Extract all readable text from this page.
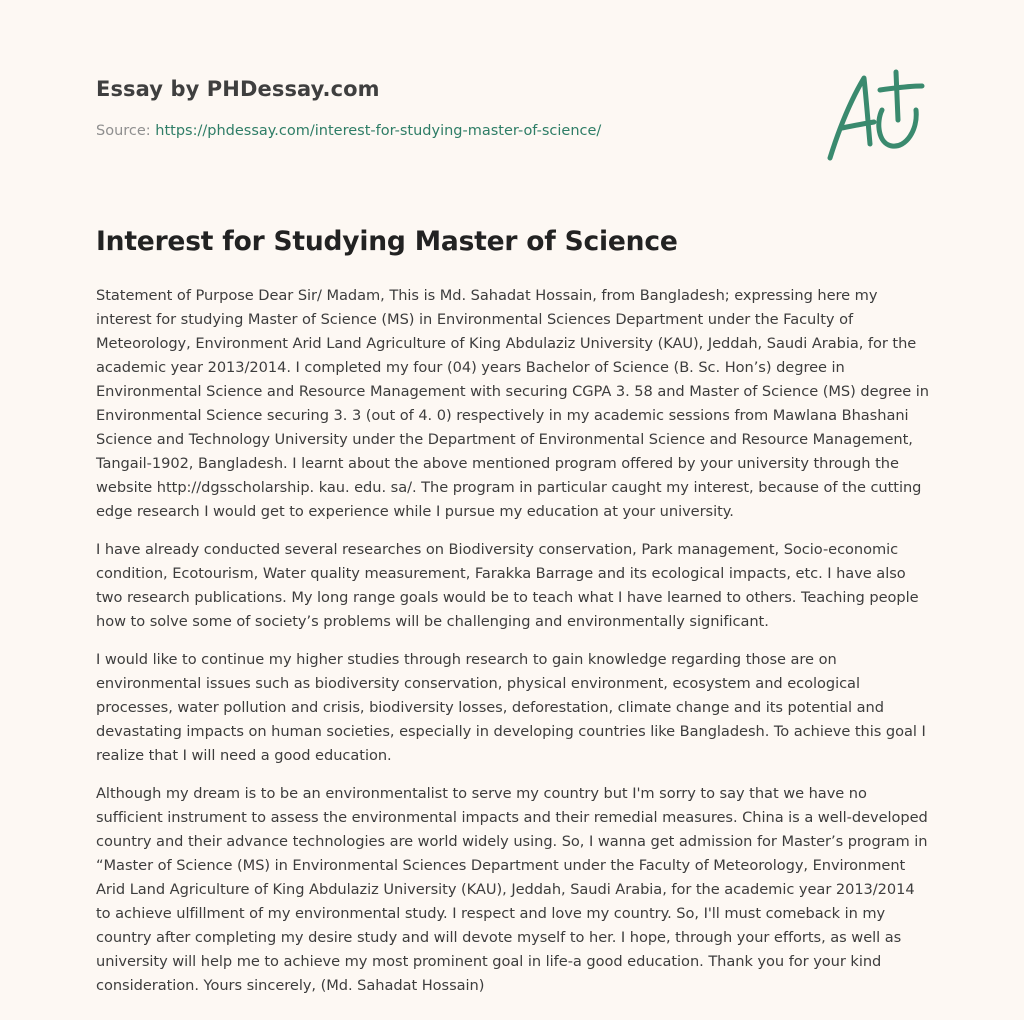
Essay by PHDessay.com
Source: https://phdessay.com/interest-for-studying-master-of-science/
Interest for Studying Master of Science

Statement of Purpose Dear Sir/ Madam, This is Md. Sahadat Hossain, from Bangladesh; expressing here my interest for studying Master of Science (MS) in Environmental Sciences Department under the Faculty of Meteorology, Environment Arid Land Agriculture of King Abdulaziz University (KAU), Jeddah, Saudi Arabia, for the academic year 2013/2014. I completed my four (04) years Bachelor of Science (B. Sc. Hon’s) degree in Environmental Science and Resource Management with securing CGPA 3. 58 and Master of Science (MS) degree in Environmental Science securing 3. 3 (out of 4. 0) respectively in my academic sessions from Mawlana Bhashani Science and Technology University under the Department of Environmental Science and Resource Management, Tangail-1902, Bangladesh. I learnt about the above mentioned program offered by your university through the website http://dgsscholarship. kau. edu. sa/. The program in particular caught my interest, because of the cutting edge research I would get to experience while I pursue my education at your university.

I have already conducted several researches on Biodiversity conservation, Park management, Socio-economic condition, Ecotourism, Water quality measurement, Farakka Barrage and its ecological impacts, etc. I have also two research publications. My long range goals would be to teach what I have learned to others. Teaching people how to solve some of society’s problems will be challenging and environmentally significant.

I would like to continue my higher studies through research to gain knowledge regarding those are on environmental issues such as biodiversity conservation, physical environment, ecosystem and ecological processes, water pollution and crisis, biodiversity losses, deforestation, climate change and its potential and devastating impacts on human societies, especially in developing countries like Bangladesh. To achieve this goal I realize that I will need a good education.

Although my dream is to be an environmentalist to serve my country but I'm sorry to say that we have no sufficient instrument to assess the environmental impacts and their remedial measures. China is a well-developed country and their advance technologies are world widely using. So, I wanna get admission for Master’s program in “Master of Science (MS) in Environmental Sciences Department under the Faculty of Meteorology, Environment Arid Land Agriculture of King Abdulaziz University (KAU), Jeddah, Saudi Arabia, for the academic year 2013/2014 to achieve ulfillment of my environmental study. I respect and love my country. So, I'll must comeback in my country after completing my desire study and will devote myself to her. I hope, through your efforts, as well as university will help me to achieve my most prominent goal in life-a good education. Thank you for your kind consideration. Yours sincerely, (Md. Sahadat Hossain)
